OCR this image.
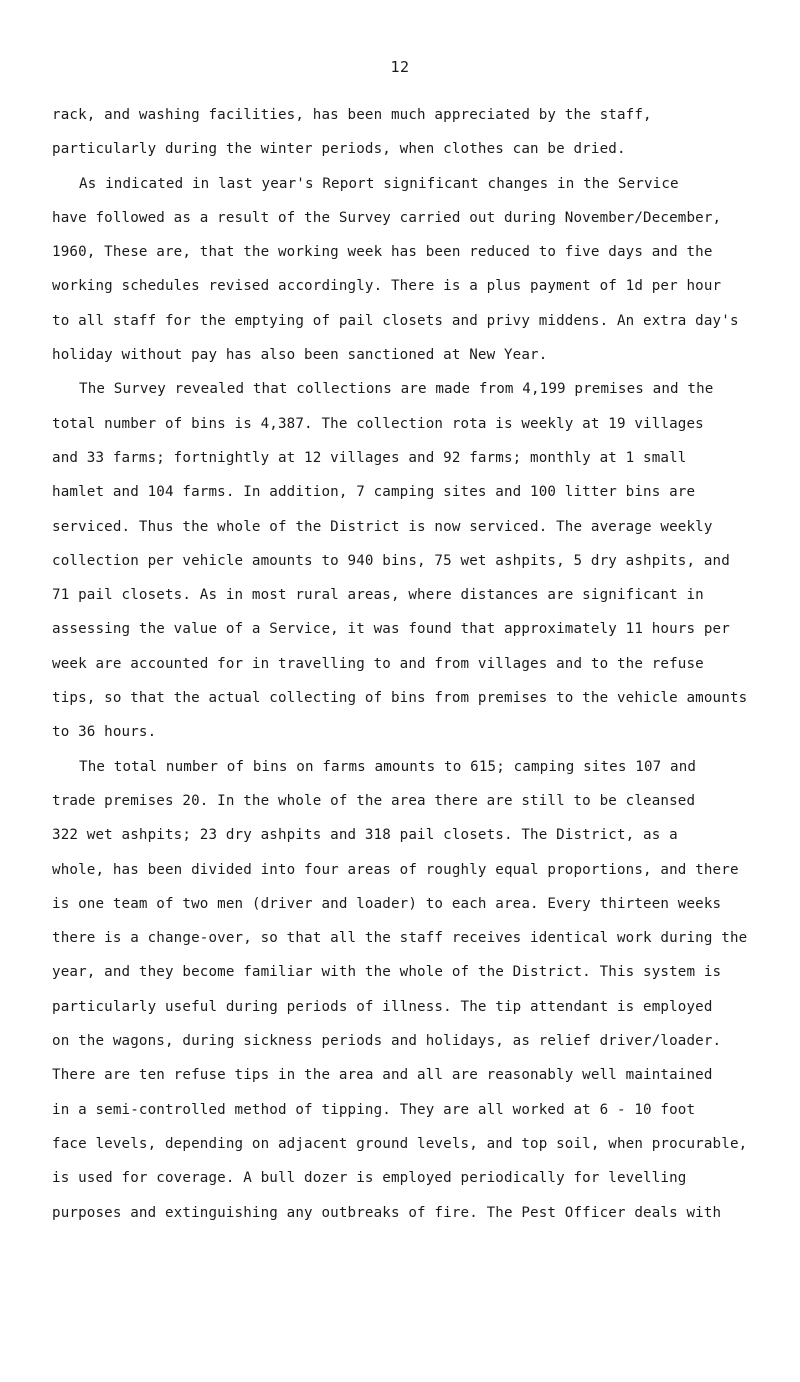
12
rack, and washing facilities, has been much appreciated by the staff,
particularly during the winter periods, when clothes can be dried.
As indicated in last year's Report significant changes in the Service
have followed as a result of the Survey carried out during November/December,
1960, These are, that the working week has been reduced to five days and the
working schedules revised accordingly. There is a plus payment of 1d per hour
to all staff for the emptying of pail closets and privy middens. An extra day's
holiday without pay has also been sanctioned at New Year.
The Survey revealed that collections are made from 4,199 premises and the
total number of bins is 4,387. The collection rota is weekly at 19 villages
and 33 farms; fortnightly at 12 villages and 92 farms; monthly at 1 small
hamlet and 104 farms. In addition, 7 camping sites and 100 litter bins are
serviced. Thus the whole of the District is now serviced. The average weekly
collection per vehicle amounts to 940 bins, 75 wet ashpits, 5 dry ashpits, and
71 pail closets. As in most rural areas, where distances are significant in
assessing the value of a Service, it was found that approximately 11 hours per
week are accounted for in travelling to and from villages and to the refuse
tips, so that the actual collecting of bins from premises to the vehicle amounts
to 36 hours.
The total number of bins on farms amounts to 615; camping sites 107 and
trade premises 20. In the whole of the area there are still to be cleansed
322 wet ashpits; 23 dry ashpits and 318 pail closets. The District, as a
whole, has been divided into four areas of roughly equal proportions, and there
is one team of two men (driver and loader) to each area. Every thirteen weeks
there is a change-over, so that all the staff receives identical work during the
year, and they become familiar with the whole of the District. This system is
particularly useful during periods of illness. The tip attendant is employed
on the wagons, during sickness periods and holidays, as relief driver/loader.
There are ten refuse tips in the area and all are reasonably well maintained
in a semi-controlled method of tipping. They are all worked at 6 - 10 foot
face levels, depending on adjacent ground levels, and top soil, when procurable,
is used for coverage. A bull dozer is employed periodically for levelling
purposes and extinguishing any outbreaks of fire. The Pest Officer deals with
